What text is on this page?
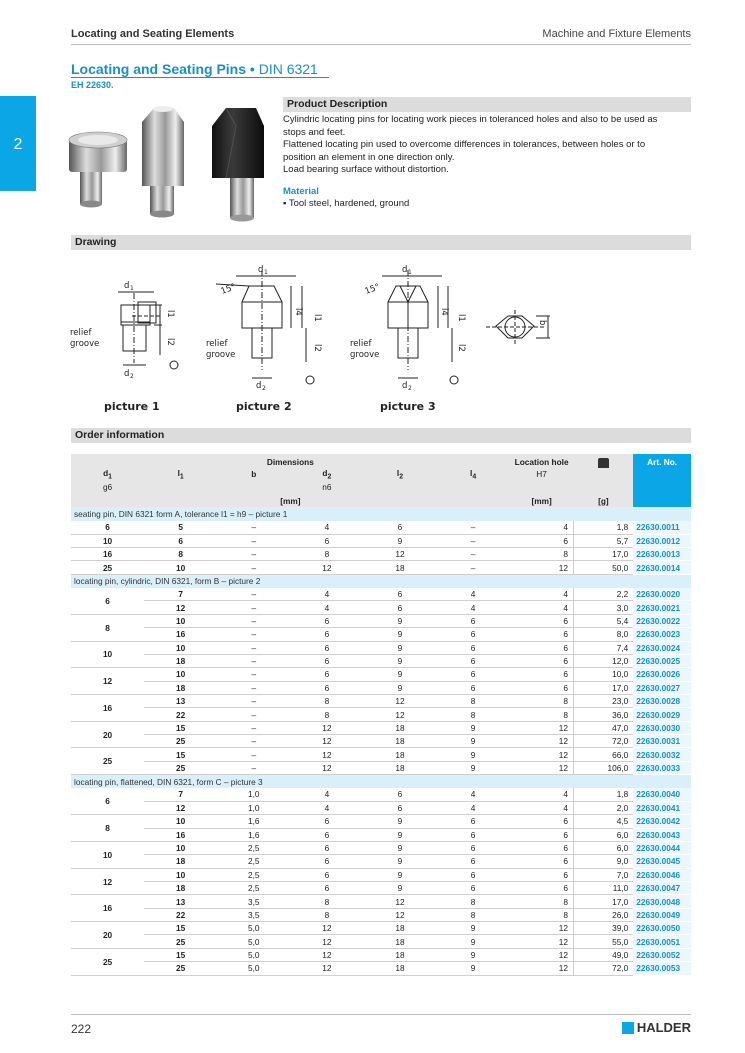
Locating and Seating Elements	Machine and Fixture Elements
2
Locating and Seating Pins • DIN 6321
EH 22630.
Product Description
Cylindric locating pins for locating work pieces in toleranced holes and also to be used as
stops and feet.
Flattened locating pin used to overcome differences in tolerances, between holes or to
position an element in one direction only.
Load bearing surface without distortion.
Material
▪ Tool steel, hardened, ground
Drawing
relief
groove	relief
groove
relief
groove
15°	15°
d 1
d 1	d 1
d 2
d 2	d 2
l1
l2
l4
l1
l2
l4
l1
l2
b
picture 1	picture 2	picture 3
Order information
Dimensions						Location hole		Art. No.
$d_1$	$l_1$	b	$d_2$	$l_2$	$l_4$	H7		
g6			n6					
[mm]						[mm]	[g]	
seating pin, DIN 6321 form A, tolerance l1 = h9 – picture 1								
6	5	–	4	6	–	4	1,8	22630.0011
10	6	–	6	9	–	6	5,7	22630.0012
16	8	–	8	12	–	8	17,0	22630.0013
25	10	–	12	18	–	12	50,0	22630.0014
locating pin, cylindric, DIN 6321, form B – picture 2								
6	7	–	4	6	4	4	2,2	22630.0020
	12	–	4	6	4	4	3,0	22630.0021
8	10	–	6	9	6	6	5,4	22630.0022
	16	–	6	9	6	6	8,0	22630.0023
10	10	–	6	9	6	6	7,4	22630.0024
	18	–	6	9	6	6	12,0	22630.0025
12	10	–	6	9	6	6	10,0	22630.0026
	18	–	6	9	6	6	17,0	22630.0027
16	13	–	8	12	8	8	23,0	22630.0028
	22	–	8	12	8	8	36,0	22630.0029
20	15	–	12	18	9	12	47,0	22630.0030
	25	–	12	18	9	12	72,0	22630.0031
25	15	–	12	18	9	12	66,0	22630.0032
	25	–	12	18	9	12	106,0	22630.0033
locating pin, flattened, DIN 6321, form C – picture 3								
6	7	1,0	4	6	4	4	1,8	22630.0040
	12	1,0	4	6	4	4	2,0	22630.0041
8	10	1,6	6	9	6	6	4,5	22630.0042
	16	1,6	6	9	6	6	6,0	22630.0043
10	10	2,5	6	9	6	6	6,0	22630.0044
	18	2,5	6	9	6	6	9,0	22630.0045
12	10	2,5	6	9	6	6	7,0	22630.0046
	18	2,5	6	9	6	6	11,0	22630.0047
16	13	3,5	8	12	8	8	17,0	22630.0048
	22	3,5	8	12	8	8	26,0	22630.0049
20	15	5,0	12	18	9	12	39,0	22630.0050
	25	5,0	12	18	9	12	55,0	22630.0051
25	15	5,0	12	18	9	12	49,0	22630.0052
	25	5,0	12	18	9	12	72,0	22630.0053
222	HALDER
